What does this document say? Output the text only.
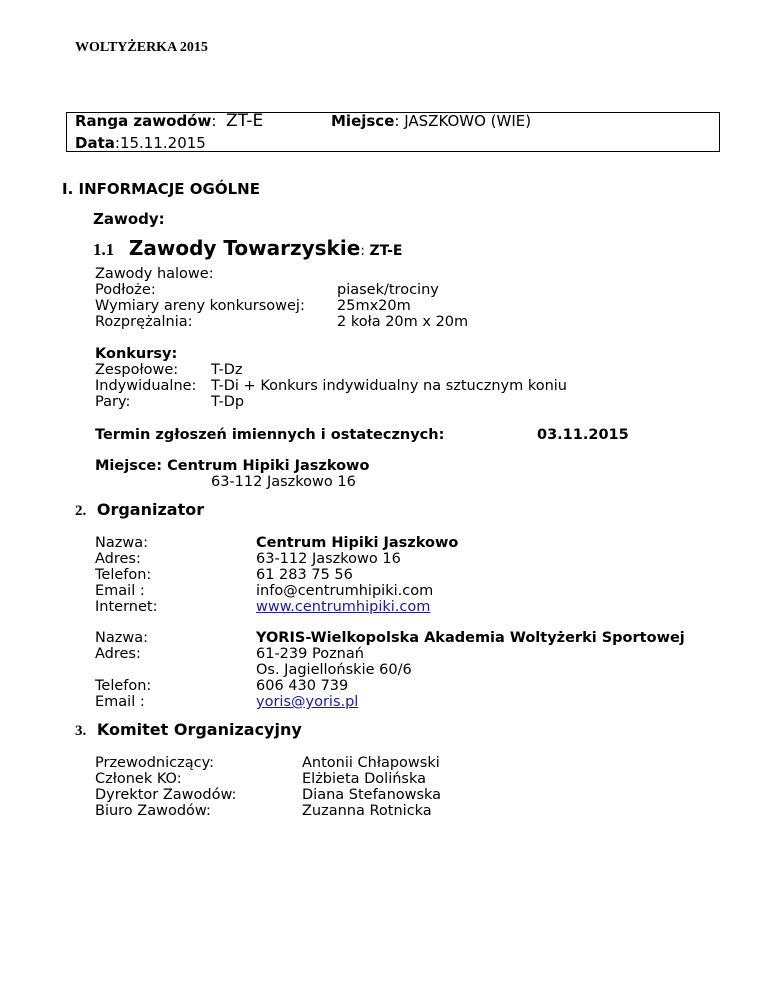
WOLTYŻERKA 2015
Ranga zawodów:  ZT-E	Miejsce: JASZKOWO (WIE)
Data:15.11.2015
I. INFORMACJE OGÓLNE
Zawody:
1.1 Zawody Towarzyskie: ZT-E
Zawody halowe:
Podłoże:
Wymiary areny konkursowej:
Rozprężalnia:
piasek/trociny
25mx20m
2 koła 20m x 20m
Konkursy:
Zespołowe:
Indywidualne:
Pary:
T-Dz
T-Di + Konkurs indywidualny na sztucznym koniu
T-Dp
Termin zgłoszeń imiennych i ostatecznych:	03.11.2015
Miejsce: Centrum Hipiki Jaszkowo
63-112 Jaszkowo 16
2. Organizator
Nazwa:
Adres:
Telefon:
Email :
Internet:
Centrum Hipiki Jaszkowo
63-112 Jaszkowo 16
61 283 75 56
info@centrumhipiki.com
www.centrumhipiki.com
Nazwa:
Adres:
Telefon:
Email :
YORIS-Wielkopolska Akademia Woltyżerki Sportowej
61-239 Poznań
Os. Jagiellońskie 60/6
606 430 739
yoris@yoris.pl
3. Komitet Organizacyjny
Przewodniczący:
Członek KO:
Dyrektor Zawodów:
Biuro Zawodów:
Antonii Chłapowski
Elżbieta Dolińska
Diana Stefanowska
Zuzanna Rotnicka
